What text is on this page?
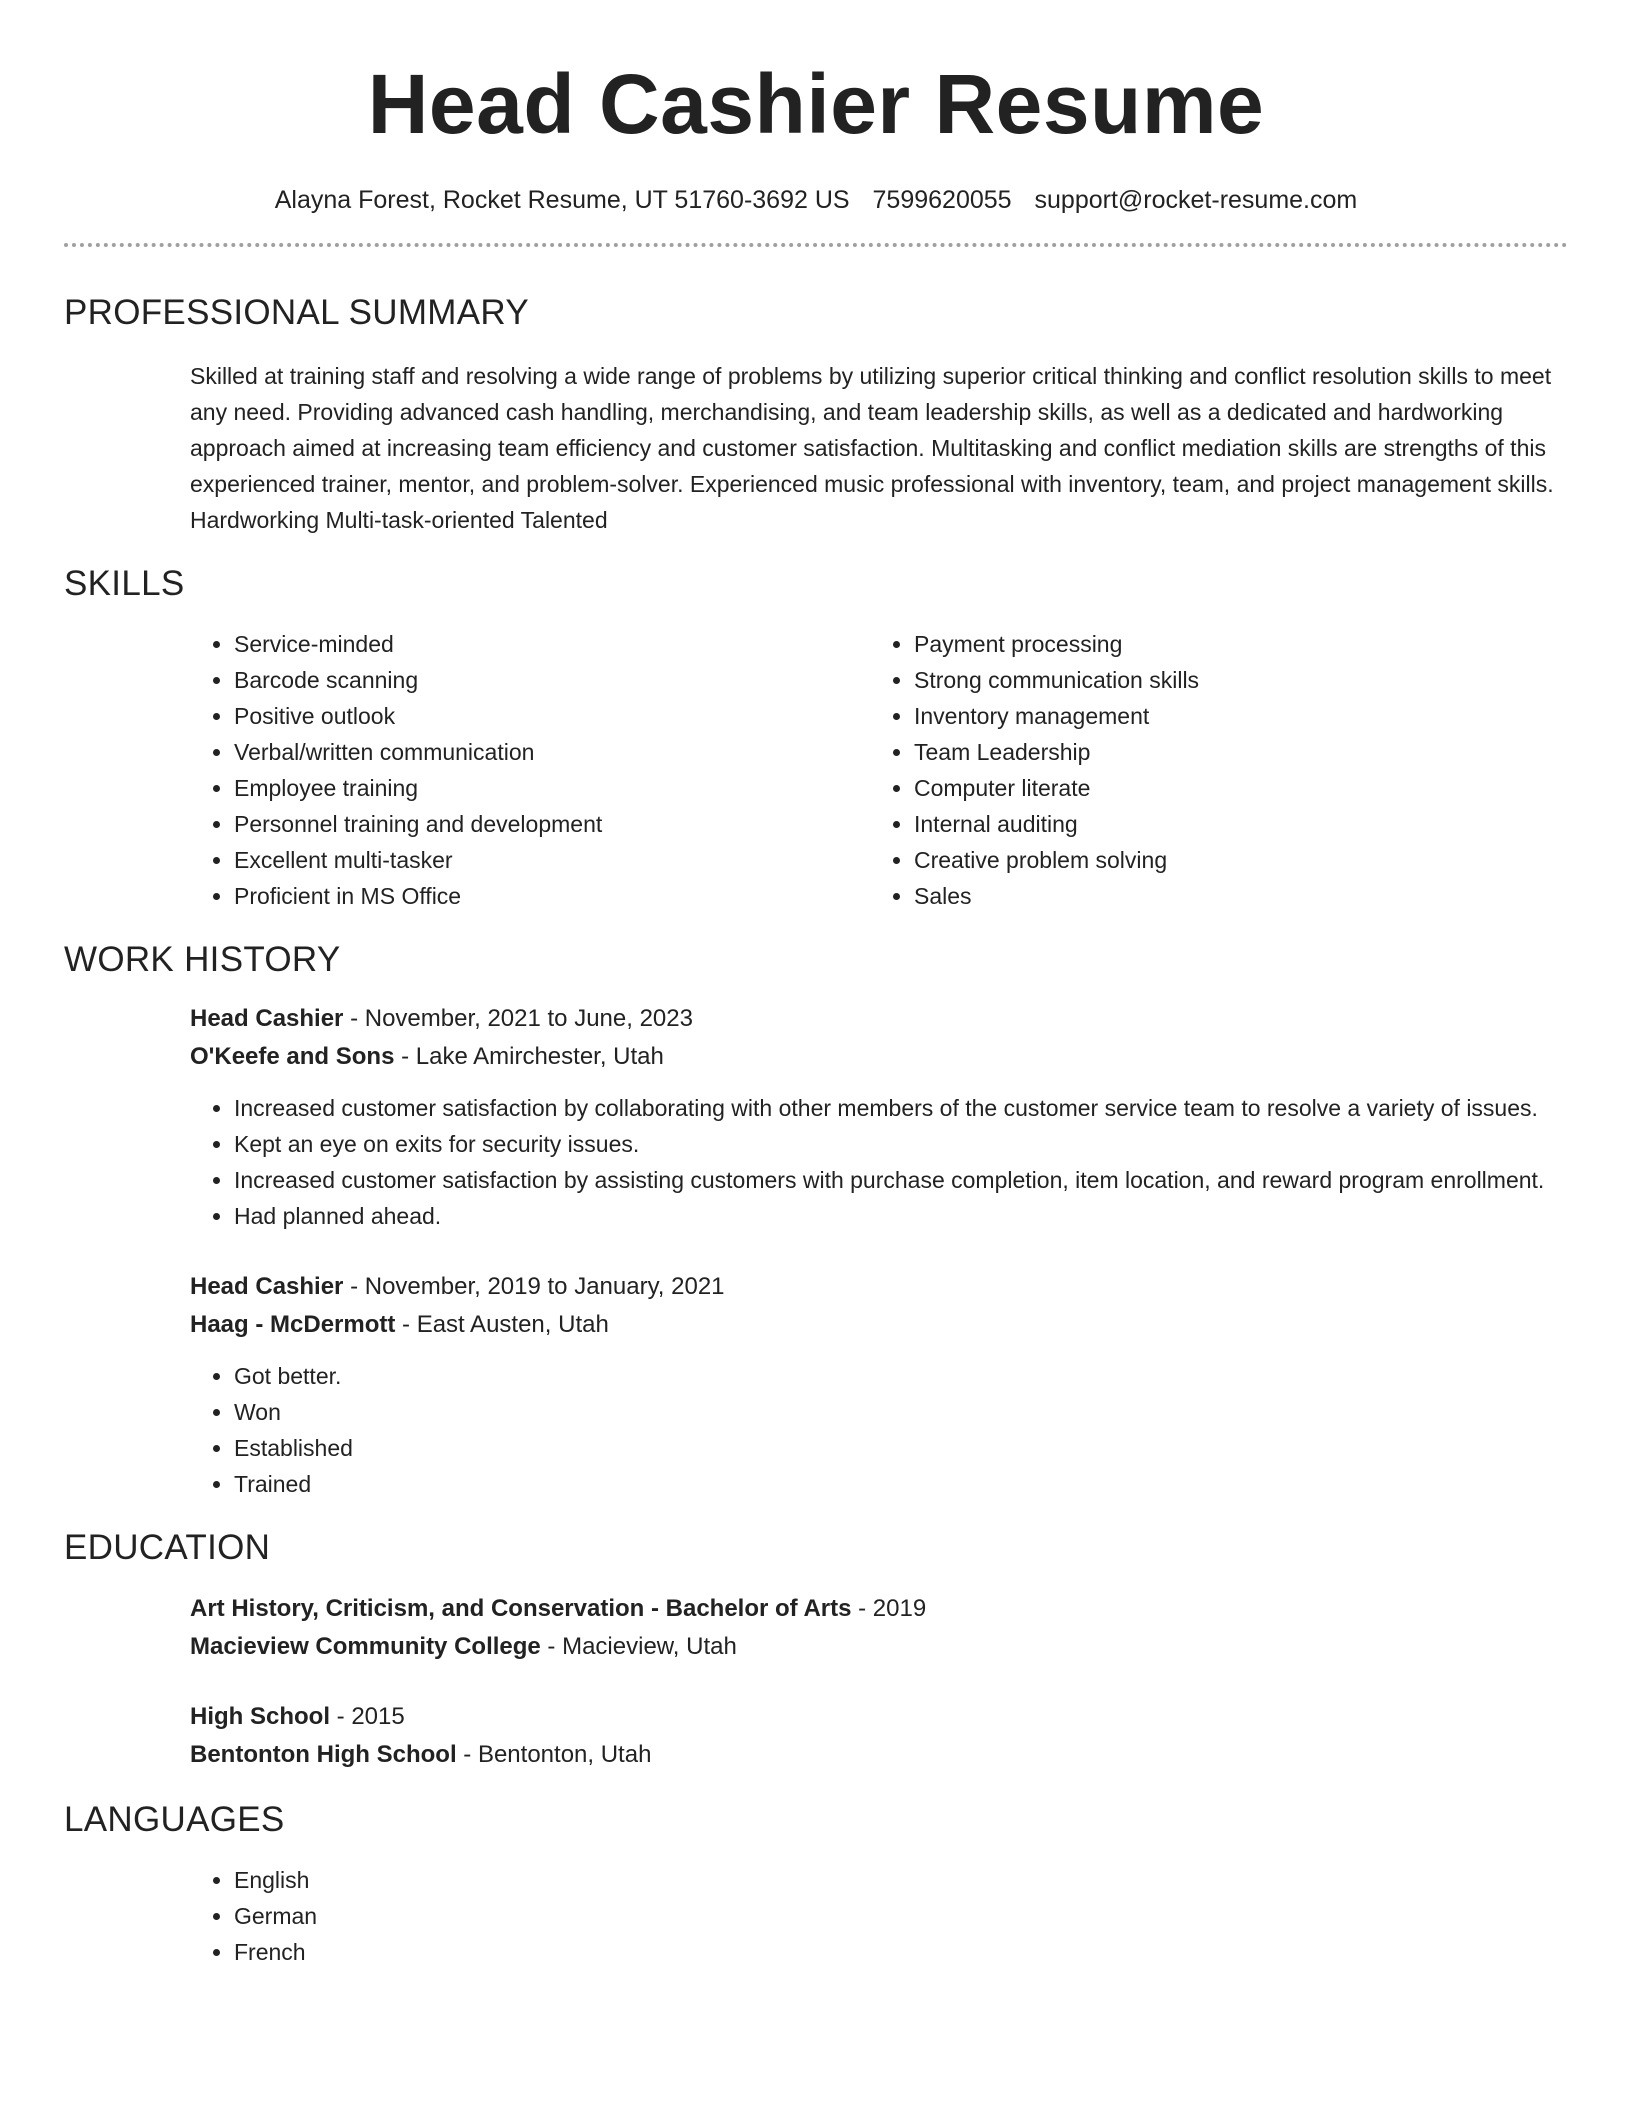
Head Cashier Resume
Alayna Forest, Rocket Resume, UT 51760-3692 US 7599620055 support@rocket-resume.com
PROFESSIONAL SUMMARY

Skilled at training staff and resolving a wide range of problems by utilizing superior critical thinking and conflict resolution skills to meet any need. Providing advanced cash handling, merchandising, and team leadership skills, as well as a dedicated and hardworking approach aimed at increasing team efficiency and customer satisfaction. Multitasking and conflict mediation skills are strengths of this experienced trainer, mentor, and problem-solver. Experienced music professional with inventory, team, and project management skills. Hardworking Multi-task-oriented Talented

SKILLS
• Service-minded
• Barcode scanning
• Positive outlook
• Verbal/written communication
• Employee training
• Personnel training and development
• Excellent multi-tasker
• Proficient in MS Office
• Payment processing
• Strong communication skills
• Inventory management
• Team Leadership
• Computer literate
• Internal auditing
• Creative problem solving
• Sales
WORK HISTORY
Head Cashier - November, 2021 to June, 2023
O'Keefe and Sons - Lake Amirchester, Utah
• Increased customer satisfaction by collaborating with other members of the customer service team to resolve a variety of issues.
• Kept an eye on exits for security issues.
• Increased customer satisfaction by assisting customers with purchase completion, item location, and reward program enrollment.
• Had planned ahead.
Head Cashier - November, 2019 to January, 2021
Haag - McDermott - East Austen, Utah
• Got better.
• Won
• Established
• Trained
EDUCATION
Art History, Criticism, and Conservation - Bachelor of Arts - 2019
Macieview Community College - Macieview, Utah
High School - 2015
Bentonton High School - Bentonton, Utah
LANGUAGES
• English
• German
• French
